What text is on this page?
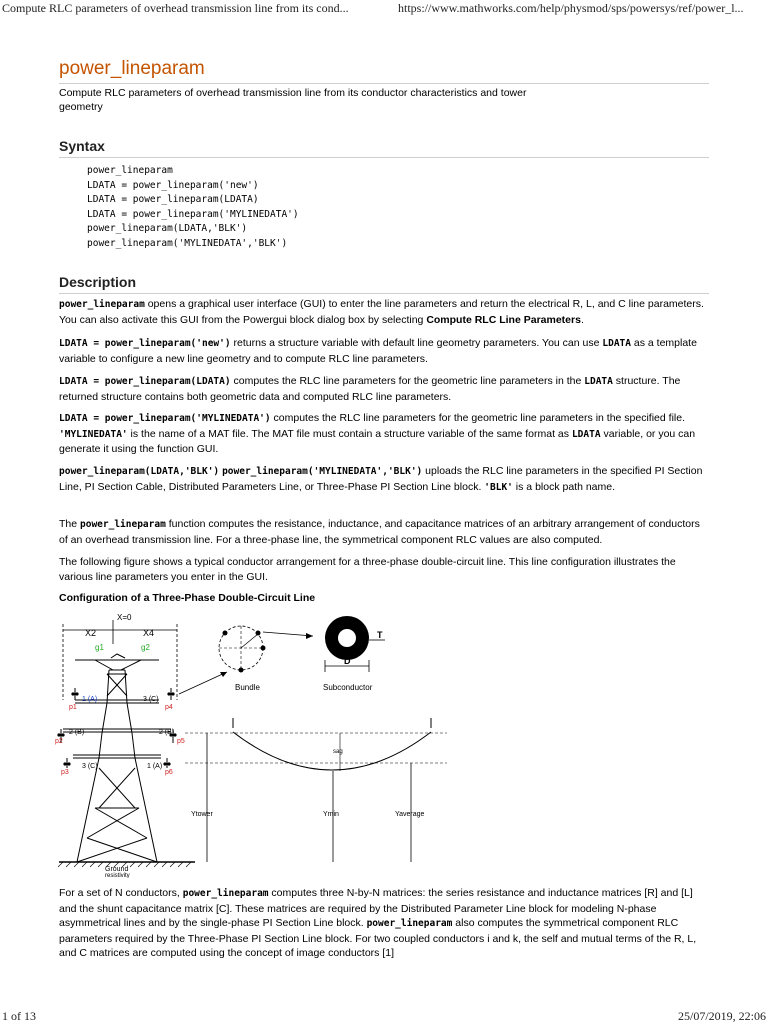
Compute RLC parameters of overhead transmission line from its cond...	https://www.mathworks.com/help/physmod/sps/powersys/ref/power_l...
power_lineparam
Compute RLC parameters of overhead transmission line from its conductor characteristics and tower geometry
Syntax
power_lineparam
LDATA = power_lineparam('new')
LDATA = power_lineparam(LDATA)
LDATA = power_lineparam('MYLINEDATA')
power_lineparam(LDATA,'BLK')
power_lineparam('MYLINEDATA','BLK')
Description

power_lineparam opens a graphical user interface (GUI) to enter the line parameters and return the electrical R, L, and C line parameters. You can also activate this GUI from the Powergui block dialog box by selecting Compute RLC Line Parameters.

LDATA = power_lineparam('new') returns a structure variable with default line geometry parameters. You can use LDATA as a template variable to configure a new line geometry and to compute RLC line parameters.

LDATA = power_lineparam(LDATA) computes the RLC line parameters for the geometric line parameters in the LDATA structure. The returned structure contains both geometric data and computed RLC line parameters.

LDATA = power_lineparam('MYLINEDATA') computes the RLC line parameters for the geometric line parameters in the specified file. 'MYLINEDATA' is the name of a MAT file. The MAT file must contain a structure variable of the same format as LDATA variable, or you can generate it using the function GUI.

power_lineparam(LDATA,'BLK') power_lineparam('MYLINEDATA','BLK') uploads the RLC line parameters in the specified PI Section Line, PI Section Cable, Distributed Parameters Line, or Three-Phase PI Section Line block. 'BLK' is a block path name.

The power_lineparam function computes the resistance, inductance, and capacitance matrices of an arbitrary arrangement of conductors of an overhead transmission line. For a three-phase line, the symmetrical component RLC values are also computed.

The following figure shows a typical conductor arrangement for a three-phase double-circuit line. This line configuration illustrates the various line parameters you enter in the GUI.

Configuration of a Three-Phase Double-Circuit Line
X=0
X2	X4
g1	g2
Ground
resistivity
1 (A)
2 (B)
3 (C)
3 (C)
2 (B)
1 (A)
p1
p2
p3
p4
p5
p6
Bundle
T
D
Subconductor
sag
Ytower	Ymin	Yaverage

For a set of N conductors, power_lineparam computes three N-by-N matrices: the series resistance and inductance matrices [R] and [L] and the shunt capacitance matrix [C]. These matrices are required by the Distributed Parameter Line block for modeling N-phase asymmetrical lines and by the single-phase PI Section Line block. power_lineparam also computes the symmetrical component RLC parameters required by the Three-Phase PI Section Line block. For two coupled conductors i and k, the self and mutual terms of the R, L, and C matrices are computed using the concept of image conductors [1]

1 of 13	25/07/2019, 22:06
